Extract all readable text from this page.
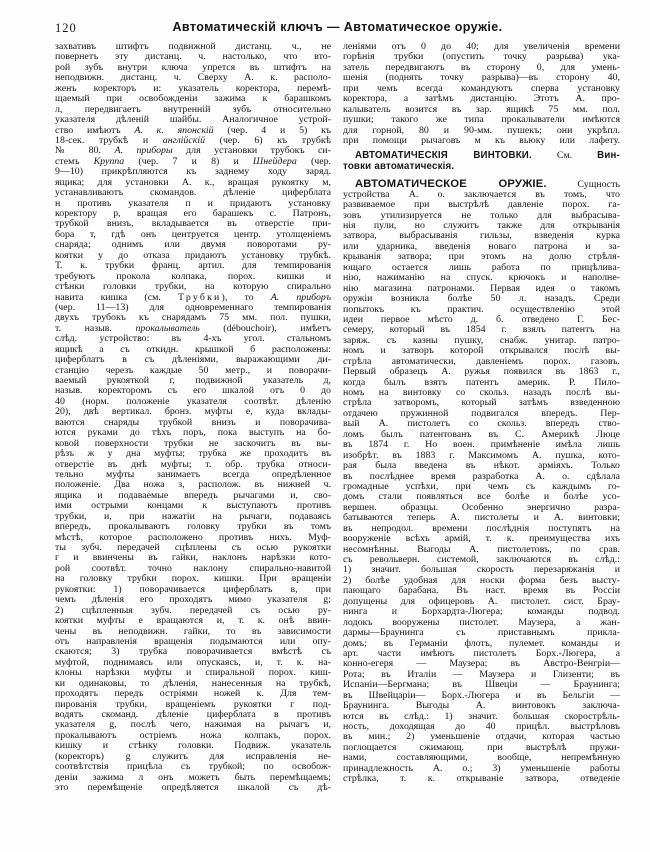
120	Автоматическій ключъ — Автоматическое оружіе.
захвативъ штифтъ подвижной дистанц. ч., не
повернетъ эту дистанц. ч. настолько, что вто-
рой зубъ внутри ключа упрется въ штифтъ на
неподвижн. дистанц. ч. Сверху А. к. располо-
женъ коректоръ и: указатель коректора, перемѣ-
щаемый при освобожденіи зажима к барашкомъ
л, передвигаетъ внутренній зубъ относительно
указателя дѣленій шайбы. Аналогичное устрой-
ство имѣютъ А. к. японскій (чер. 4 и 5) къ
18-сек. трубкѣ и англійскій (чер. 6) къ трубкѣ
№ 80. А. приборы для установки трубокъ си-
стемъ Круппа (чер. 7 и 8) и Шнейдера (чер.
9—10) прикрѣпляются къ заднему ходу заряд.
ящика; для установки А. к., вращая рукоятку м,
устанавливаютъ скомандов. дѣленіе циферблата
н противъ указателя п и придаютъ установку
коректору р, вращая его барашекъ с. Патронъ,
трубкой внизъ, вкладывается въ отверстіе при-
бора т, гдѣ онъ центруется центр. утолщеніемъ
снаряда; однимъ или двумя поворотами ру-
коятки у до отказа придаютъ установку трубкѣ.
Т. к. трубки франц. артил. для темпированія
требуютъ прокола колпака, порох. кишки и
стѣнки головки трубки, на которую спирально
навита кишка (см. Трубки), то А. приборъ
(чер. 11—13) для одновременнаго темпированія
двухъ трубокъ къ снарядамъ 75 мм. пол. пушки,
т. назыв. прокалыватель (débouchoir), имѣетъ
слѣд. устройство: въ 4-хъ угол. стальномъ
ящикѣ а съ откидн. крышкой б расположены:
циферблатъ в съ дѣленіями, выражающими ди-
станцію черезъ каждые 50 метр., и поворачи-
ваемый рукояткой г, подвижной указатель д,
назыв. коректоромъ съ его шкалой отъ 0 до
40 (норм. положеніе указателя соотвѣт. дѣленію
20), двѣ вертикал. бронз. муфты е, куда вклады-
ваются снаряды трубкой внизъ и поворачива-
ются руками до тѣхъ поръ, пока выступъ на бо-
ковой поверхности трубки не заскочитъ въ вы-
рѣзъ ж у дна муфты; трубка же проходитъ въ
отверстіе въ днѣ муфты; т. обр. трубка относи-
тельно муфты занимаетъ всегда опредѣленное
положеніе. Два ножа з, располож. въ нижней ч.
ящика и подаваемые впередъ рычагами и, сво-
ими острыми концами к выступаютъ противъ
трубки, и, при нажатіи на рычаги, подаваясь
впередъ, прокалываютъ головку трубки въ томъ
мѣстѣ, которое расположено противъ нихъ. Муф-
ты зубч. передачей сцѣплены съ осью рукоятки
г и ввинчены въ гайки, наклонъ нарѣзки кото-
рой соотвѣт. точно наклону спирально-навитой
на головку трубки порох. кишки. При вращеніи
рукоятки: 1) поворачивается циферблатъ в, при
чемъ дѣленія его проходятъ мимо указателя g;
2) сцѣпленныя зубч. передачей съ осью ру-
коятки муфты е вращаются и, т. к. онѣ ввин-
чены въ неподвижн. гайки, то въ зависимости
отъ направленія вращенія подымаются или опу-
скаются; 3) трубка поворачивается вмѣстѣ съ
муфтой, поднимаясь или опускаясь, и, т. к. на-
клоны нарѣзки муфты и спиральной порох. киш-
ки одинаковы, то дѣленія, нанесенныя на трубкѣ,
проходятъ передъ остріями ножей к. Для тем-
пированія трубки, вращеніемъ рукоятки г под-
водятъ скоманд. дѣленіе циферблата в противъ
указателя g, послѣ чего, нажимая на рычагъ и,
прокалываютъ остріемъ ножа колпакъ, порох.
кишку и стѣнку головки. Подвиж. указатель
(коректоръ) g служитъ для исправленія не-
соотвѣтствія прицѣла съ трубкой; по освобож-
деніи зажима л онъ можетъ быть перемѣщаемъ;
это перемѣщеніе опредѣляется шкалой съ дѣ-
леніями отъ 0 до 40; для увеличенія времени
горѣнія трубки (опустить точку разрыва) ука-
затель передвигаютъ въ сторону 0, для умень-
шенія (поднять точку разрыва)—въ сторону 40,
при чемъ всегда командуютъ сперва установку
коректора, а затѣмъ дистанцію. Этотъ А. про-
калыватель возится въ зар. ящикѣ 75 мм. пол.
пушки; такого же типа прокалыватели имѣются
для горной, 80 и 90-мм. пушекъ; они укрѣпл.
при помощи рычаговъ м къ вьюку или лафету.
АВТОМАТИЧЕСКІЯ ВИНТОВКИ. См. Вин-
товки автоматическія.
АВТОМАТИЧЕСКОЕ ОРУЖІЕ. Сущность
устройства А. о. заключается въ томъ, что
развиваемое при выстрѣлѣ давленіе порох. га-
зовъ утилизируется не только для выбрасыва-
нія пули, но служитъ также для открыванія
затвора, выбрасыванія гильзы, взведенія курка
или ударника, введенія новаго патрона и за-
крыванія затвора; при этомъ на долю стрѣля-
ющаго остается лишь работа по прицѣлива-
нію, нажиманію на спуск. крючокъ и наполне-
нію магазина патронами. Первая идея о такомъ
оружіи возникла болѣе 50 л. назадъ. Среди
попытокъ къ практич. осуществленію этой
идеи первое мѣсто д. б. отведено Г. Бес-
семеру, который въ 1854 г. взялъ патентъ на
заряж. съ казны пушку, снабж. унитар. патро-
номъ и затворъ которой открывался послѣ вы-
стрѣла автоматически, давленіемъ порох. газовъ.
Первый образецъ А. ружья появился въ 1863 г.,
когда былъ взятъ патентъ америк. Р. Пило-
номъ на винтовку со скольз. назадъ послѣ вы-
стрѣла затворомъ, который затѣмъ взведенною
отдачею пружинной подвигался впередъ. Пер-
вый А. пистолетъ со скольз. впередъ ство-
ломъ былъ патентованъ въ С. Америкѣ Люце
въ 1874 г. Но воен. примѣненіе имѣла лишь
изобрѣт. въ 1883 г. Максимомъ А. пушка, кото-
рая была введена въ нѣкот. арміяхъ. Только
въ послѣднее время разработка А. о. сдѣлала
громадные успѣхи, при чемъ съ каждымъ го-
домъ стали появляться все болѣе и болѣе усо-
вершен. образцы. Особенно энергично разра-
батываются теперь А. пистолеты и А. винтовки;
въ непродол. времени послѣднія поступятъ на
вооруженіе всѣхъ армій, т. к. преимущества ихъ
несомнѣнны. Выгоды А. пистолетовъ, по срав.
съ револьверн. системой, заключаются въ слѣд.:
1) значит. большая скорость перезаряжанія и
2) болѣе удобная для носки форма безъ высту-
пающаго барабана. Въ наст. время въ Россіи
допущены для офицеровъ А. пистолет. сист. Брау-
нинга и Борхардта-Люгера; команды подвод.
лодокъ вооружены пистолет. Маузера, а жан-
дармы—Браунинга съ приставнымъ прикла-
домъ; въ Германіи флотъ, пулемет. команды и
арт. части имѣютъ пистолетъ Борх.-Люгера, а
конно-егеря — Маузера; въ Австро-Венгріи—
Рота; въ Италіи — Маузера и Глизенти; въ
Испаніи—Бергмана; въ Швеціи — Браунинга;
въ Швейцаріи— Борх.-Люгера и въ Бельгіи —
Браунинга. Выгоды А. винтовокъ заключа-
ются въ слѣд.: 1) значит. большая скорострѣль-
ность, доходящая до 40 прицѣл. выстрѣловъ
въ мин.; 2) уменьшеніе отдачи, которая частью
поглощается сжимающ. при выстрѣлѣ пружи-
нами, составляющими, вообще, непремѣнную
принадлежность А. о.; 3) уменьшеніе работы
стрѣлка, т. к. открываніе затвора, отведеніе
